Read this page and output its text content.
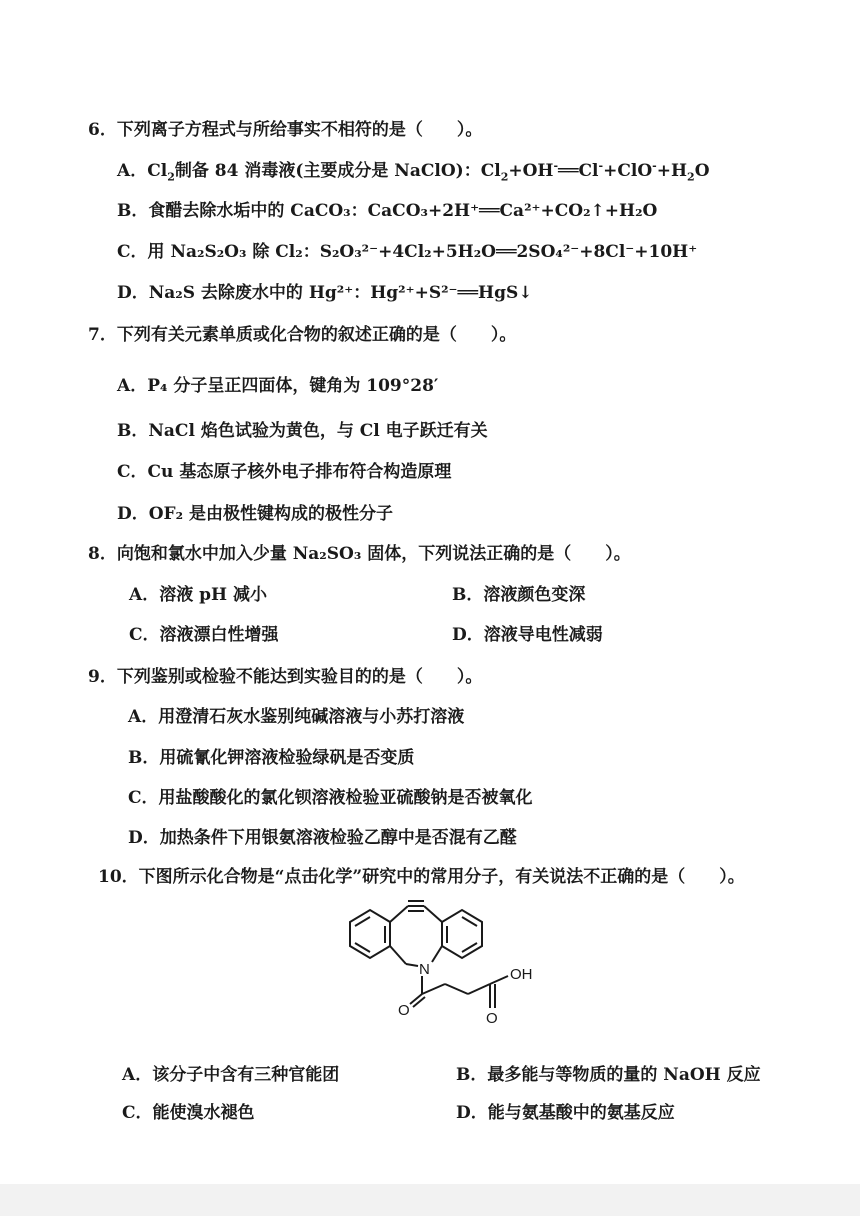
6．下列离子方程式与所给事实不相符的是（　　）。
A．$Cl_2$制备 84 消毒液(主要成分是 NaClO)：$Cl_2+OH^-══Cl^-+ClO^-+H_2O$
B．食醋去除水垢中的 CaCO₃：CaCO₃+2H⁺══Ca²⁺+CO₂↑+H₂O
C．用 Na₂S₂O₃ 除 Cl₂：S₂O₃²⁻+4Cl₂+5H₂O══2SO₄²⁻+8Cl⁻+10H⁺
D．Na₂S 去除废水中的 Hg²⁺：Hg²⁺+S²⁻══HgS↓
7．下列有关元素单质或化合物的叙述正确的是（　　）。
A．P₄ 分子呈正四面体，键角为 109°28′
B．NaCl 焰色试验为黄色，与 Cl 电子跃迁有关
C．Cu 基态原子核外电子排布符合构造原理
D．OF₂ 是由极性键构成的极性分子
8．向饱和氯水中加入少量 Na₂SO₃ 固体，下列说法正确的是（　　）。
A．溶液 pH 减小	B．溶液颜色变深
C．溶液漂白性增强	D．溶液导电性减弱
9．下列鉴别或检验不能达到实验目的的是（　　）。
A．用澄清石灰水鉴别纯碱溶液与小苏打溶液
B．用硫氰化钾溶液检验绿矾是否变质
C．用盐酸酸化的氯化钡溶液检验亚硫酸钠是否被氧化
D．加热条件下用银氨溶液检验乙醇中是否混有乙醛
10．下图所示化合物是“点击化学”研究中的常用分子，有关说法不正确的是（　　）。
N	OH
O	O
A．该分子中含有三种官能团	B．最多能与等物质的量的 NaOH 反应
C．能使溴水褪色	D．能与氨基酸中的氨基反应
